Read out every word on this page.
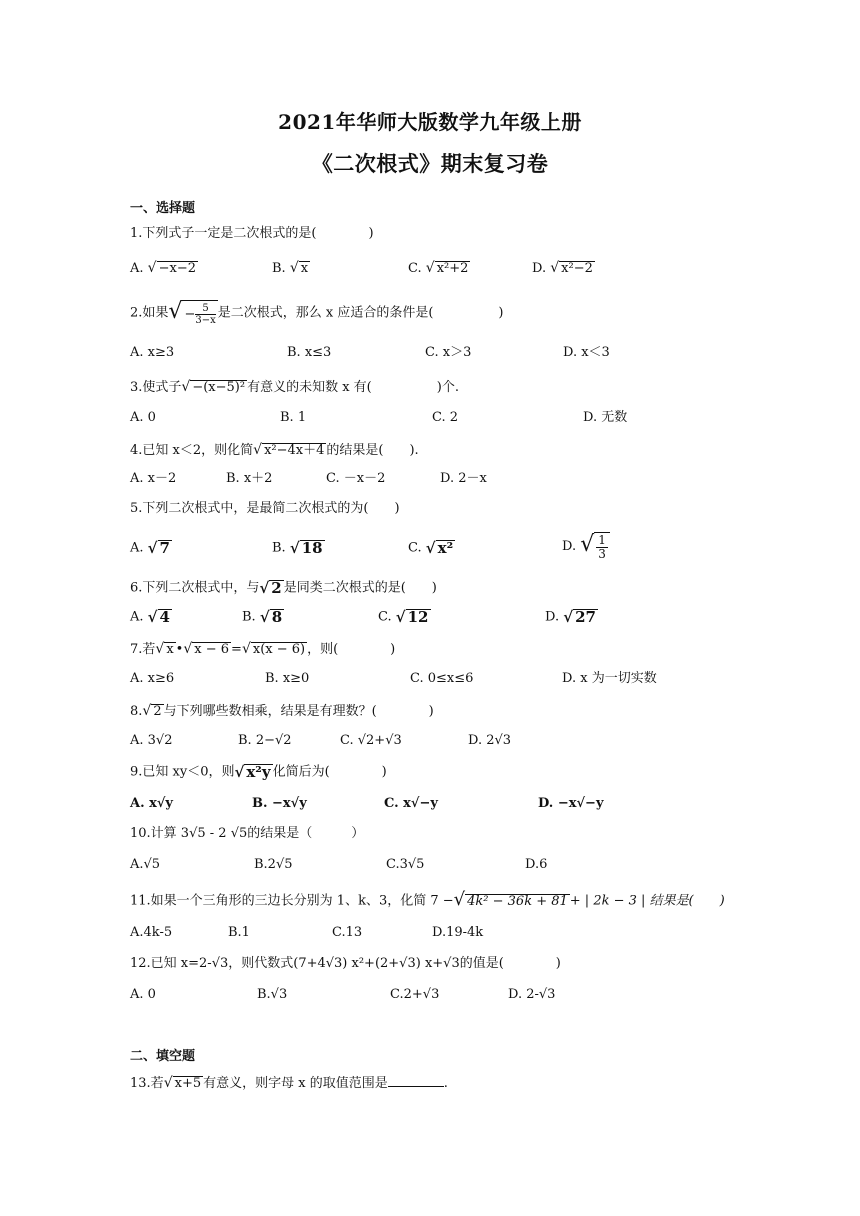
2021年华师大版数学九年级上册
《二次根式》期末复习卷
一、选择题
1.下列式子一定是二次根式的是(　　　　)
A. √ −x−2	B. √ x	C. √ x²+2	D. √ x²−2
2.如果√ − $\frac{5}{3-x}$ 是二次根式，那么 x 应适合的条件是(　　　　　)
A. x≥3	B. x≤3	C. x＞3	D. x＜3
3.使式子√ −(x−5)² 有意义的未知数 x 有(　　　　　)个.
A. 0	B. 1	C. 2	D. 无数
4.已知 x＜2，则化简√ x²−4x＋4 的结果是(　　).
A. x－2	B. x＋2	C. －x－2	D. 2－x
5.下列二次根式中，是最简二次根式的为(　　)
A. √ 7	B. √ 18	C. √ x²	D. √ $\frac{1}{3}$
6.下列二次根式中，与√ 2 是同类二次根式的是(　　)
A. √ 4	B. √ 8	C. √ 12	D. √ 27
7.若√ x •√ x − 6 =√ x(x − 6) ，则(　　　　)
A. x≥6	B. x≥0	C. 0≤x≤6	D. x 为一切实数
8.√ 2 与下列哪些数相乘，结果是有理数？(　　　　)
A. 3√2	B. 2−√2	C. √2+√3	D. 2√3
9.已知 xy＜0，则√ x²y 化简后为(　　　　)
A. x√y	B. −x√y	C. x√−y	D. −x√−y
10.计算 3√5 - 2 √5的结果是（　　　）
A.√5	B.2√5	C.3√5	D.6
11.如果一个三角形的三边长分别为 1、k、3，化简 7 −√ 4k² − 36k + 81 + | 2k − 3 | 结果是(　　)
A.4k-5	B.1	C.13	D.19-4k
12.已知 x=2-√3，则代数式(7+4√3) x²+(2+√3) x+√3的值是(　　　　)
A. 0	B.√3	C.2+√3	D. 2-√3
二、填空题
13.若√ x+5 有意义，则字母 x 的取值范围是	.
